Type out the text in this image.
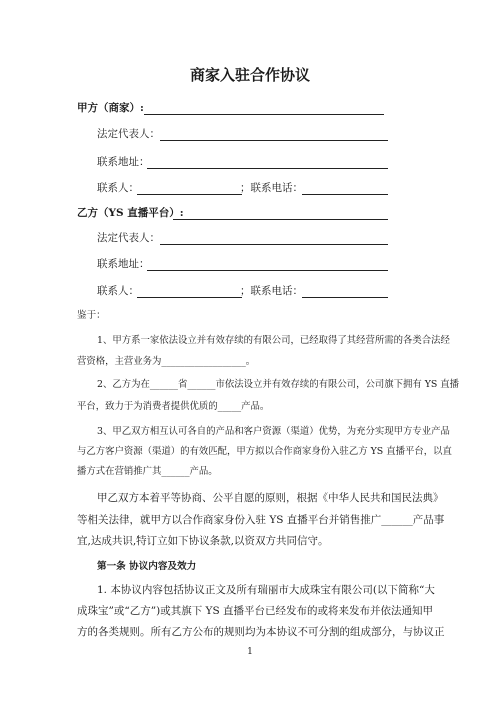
商家入驻合作协议
甲方（商家）:
法定代表人：
联系地址：
联系人：	；联系电话：
乙方（YS 直播平台）:
法定代表人：
联系地址：
联系人：	；联系电话：
鉴于：
1、甲方系一家依法设立并有效存续的有限公司，已经取得了其经营所需的各类合法经
营资格，主营业务为__________________。
2、乙方为在______省______市依法设立并有效存续的有限公司，公司旗下拥有 YS 直播
平台，致力于为消费者提供优质的_____产品。
3、甲乙双方相互认可各自的产品和客户资源（渠道）优势，为充分实现甲方专业产品
与乙方客户资源（渠道）的有效匹配，甲方拟以合作商家身份入驻乙方 YS 直播平台，以直
播方式在营销推广其______产品。
甲乙双方本着平等协商、公平自愿的原则，根据《中华人民共和国民法典》
等相关法律，就甲方以合作商家身份入驻 YS 直播平台并销售推广______产品事
宜,达成共识,特订立如下协议条款,以资双方共同信守。
第一条 协议内容及效力
1. 本协议内容包括协议正文及所有瑞丽市大成珠宝有限公司(以下简称“大
成珠宝”或“乙方”)或其旗下 YS 直播平台已经发布的或将来发布并依法通知甲
方的各类规则。所有乙方公布的规则均为本协议不可分割的组成部分，与协议正
1
